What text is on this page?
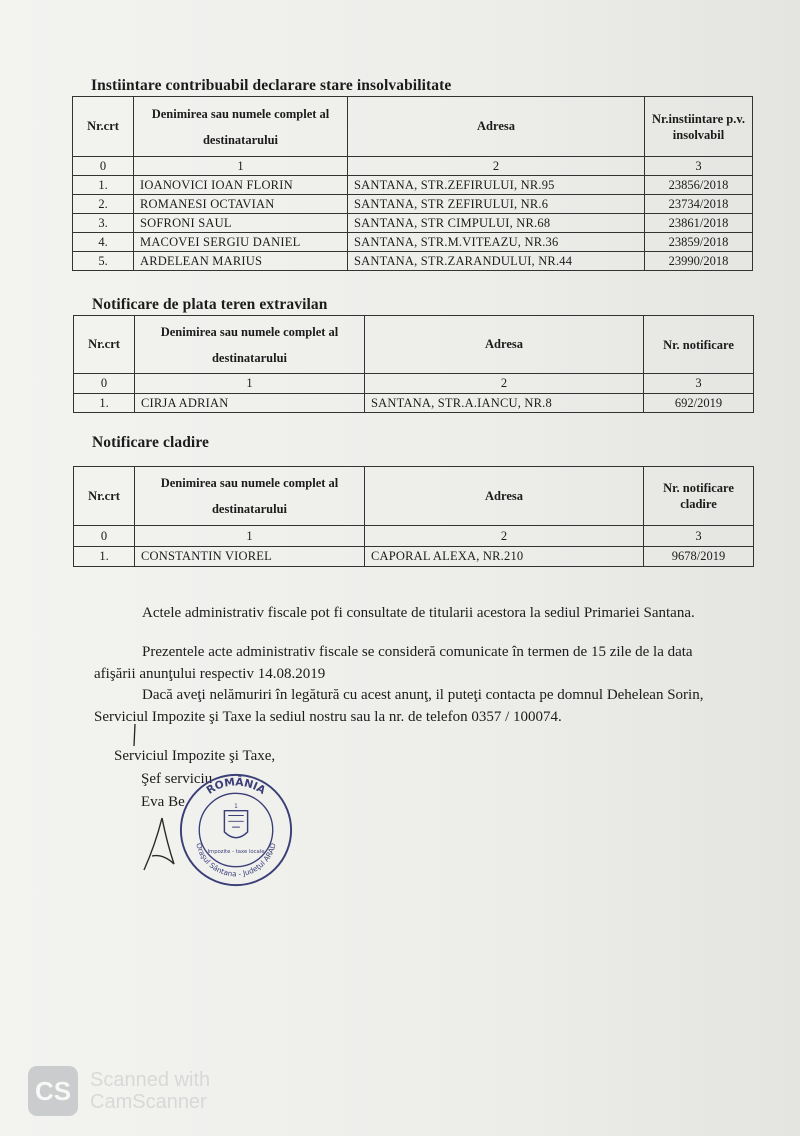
Instiintare contribuabil declarare stare insolvabilitate
Nr.crt	Denimirea sau numele complet al destinatarului	Adresa	Nr.instiintare p.v. insolvabil
0	1	2	3
1.	IOANOVICI IOAN FLORIN	SANTANA, STR.ZEFIRULUI, NR.95	23856/2018
2.	ROMANESI OCTAVIAN	SANTANA, STR ZEFIRULUI, NR.6	23734/2018
3.	SOFRONI SAUL	SANTANA, STR CIMPULUI, NR.68	23861/2018
4.	MACOVEI SERGIU DANIEL	SANTANA, STR.M.VITEAZU, NR.36	23859/2018
5.	ARDELEAN MARIUS	SANTANA, STR.ZARANDULUI, NR.44	23990/2018
Notificare de plata teren extravilan
Nr.crt	Denimirea sau numele complet al destinatarului	Adresa	Nr. notificare
0	1	2	3
1.	CIRJA ADRIAN	SANTANA, STR.A.IANCU, NR.8	692/2019
Notificare cladire
Nr.crt	Denimirea sau numele complet al destinatarului	Adresa	Nr. notificare cladire
0	1	2	3
1.	CONSTANTIN VIOREL	CAPORAL ALEXA, NR.210	9678/2019
Actele administrativ fiscale pot fi consultate de titularii acestora la sediul Primariei Santana.
Prezentele acte administrativ fiscale se consideră comunicate în termen de 15 zile de la data afişării anunţului respectiv 14.08.2019
Dacă aveţi nelămuriri în legătură cu acest anunţ, il puteţi contacta pe domnul Dehelean Sorin, Serviciul Impozite şi Taxe la sediul nostru sau la nr. de telefon 0357 / 100074.
Serviciul Impozite şi Taxe,
Şef serviciu
Eva Be
ROMÂNIA
Oraşul Sântana - Judeţul ARAD
1
Impozite - taxe locale
CS Scanned with
CamScanner
